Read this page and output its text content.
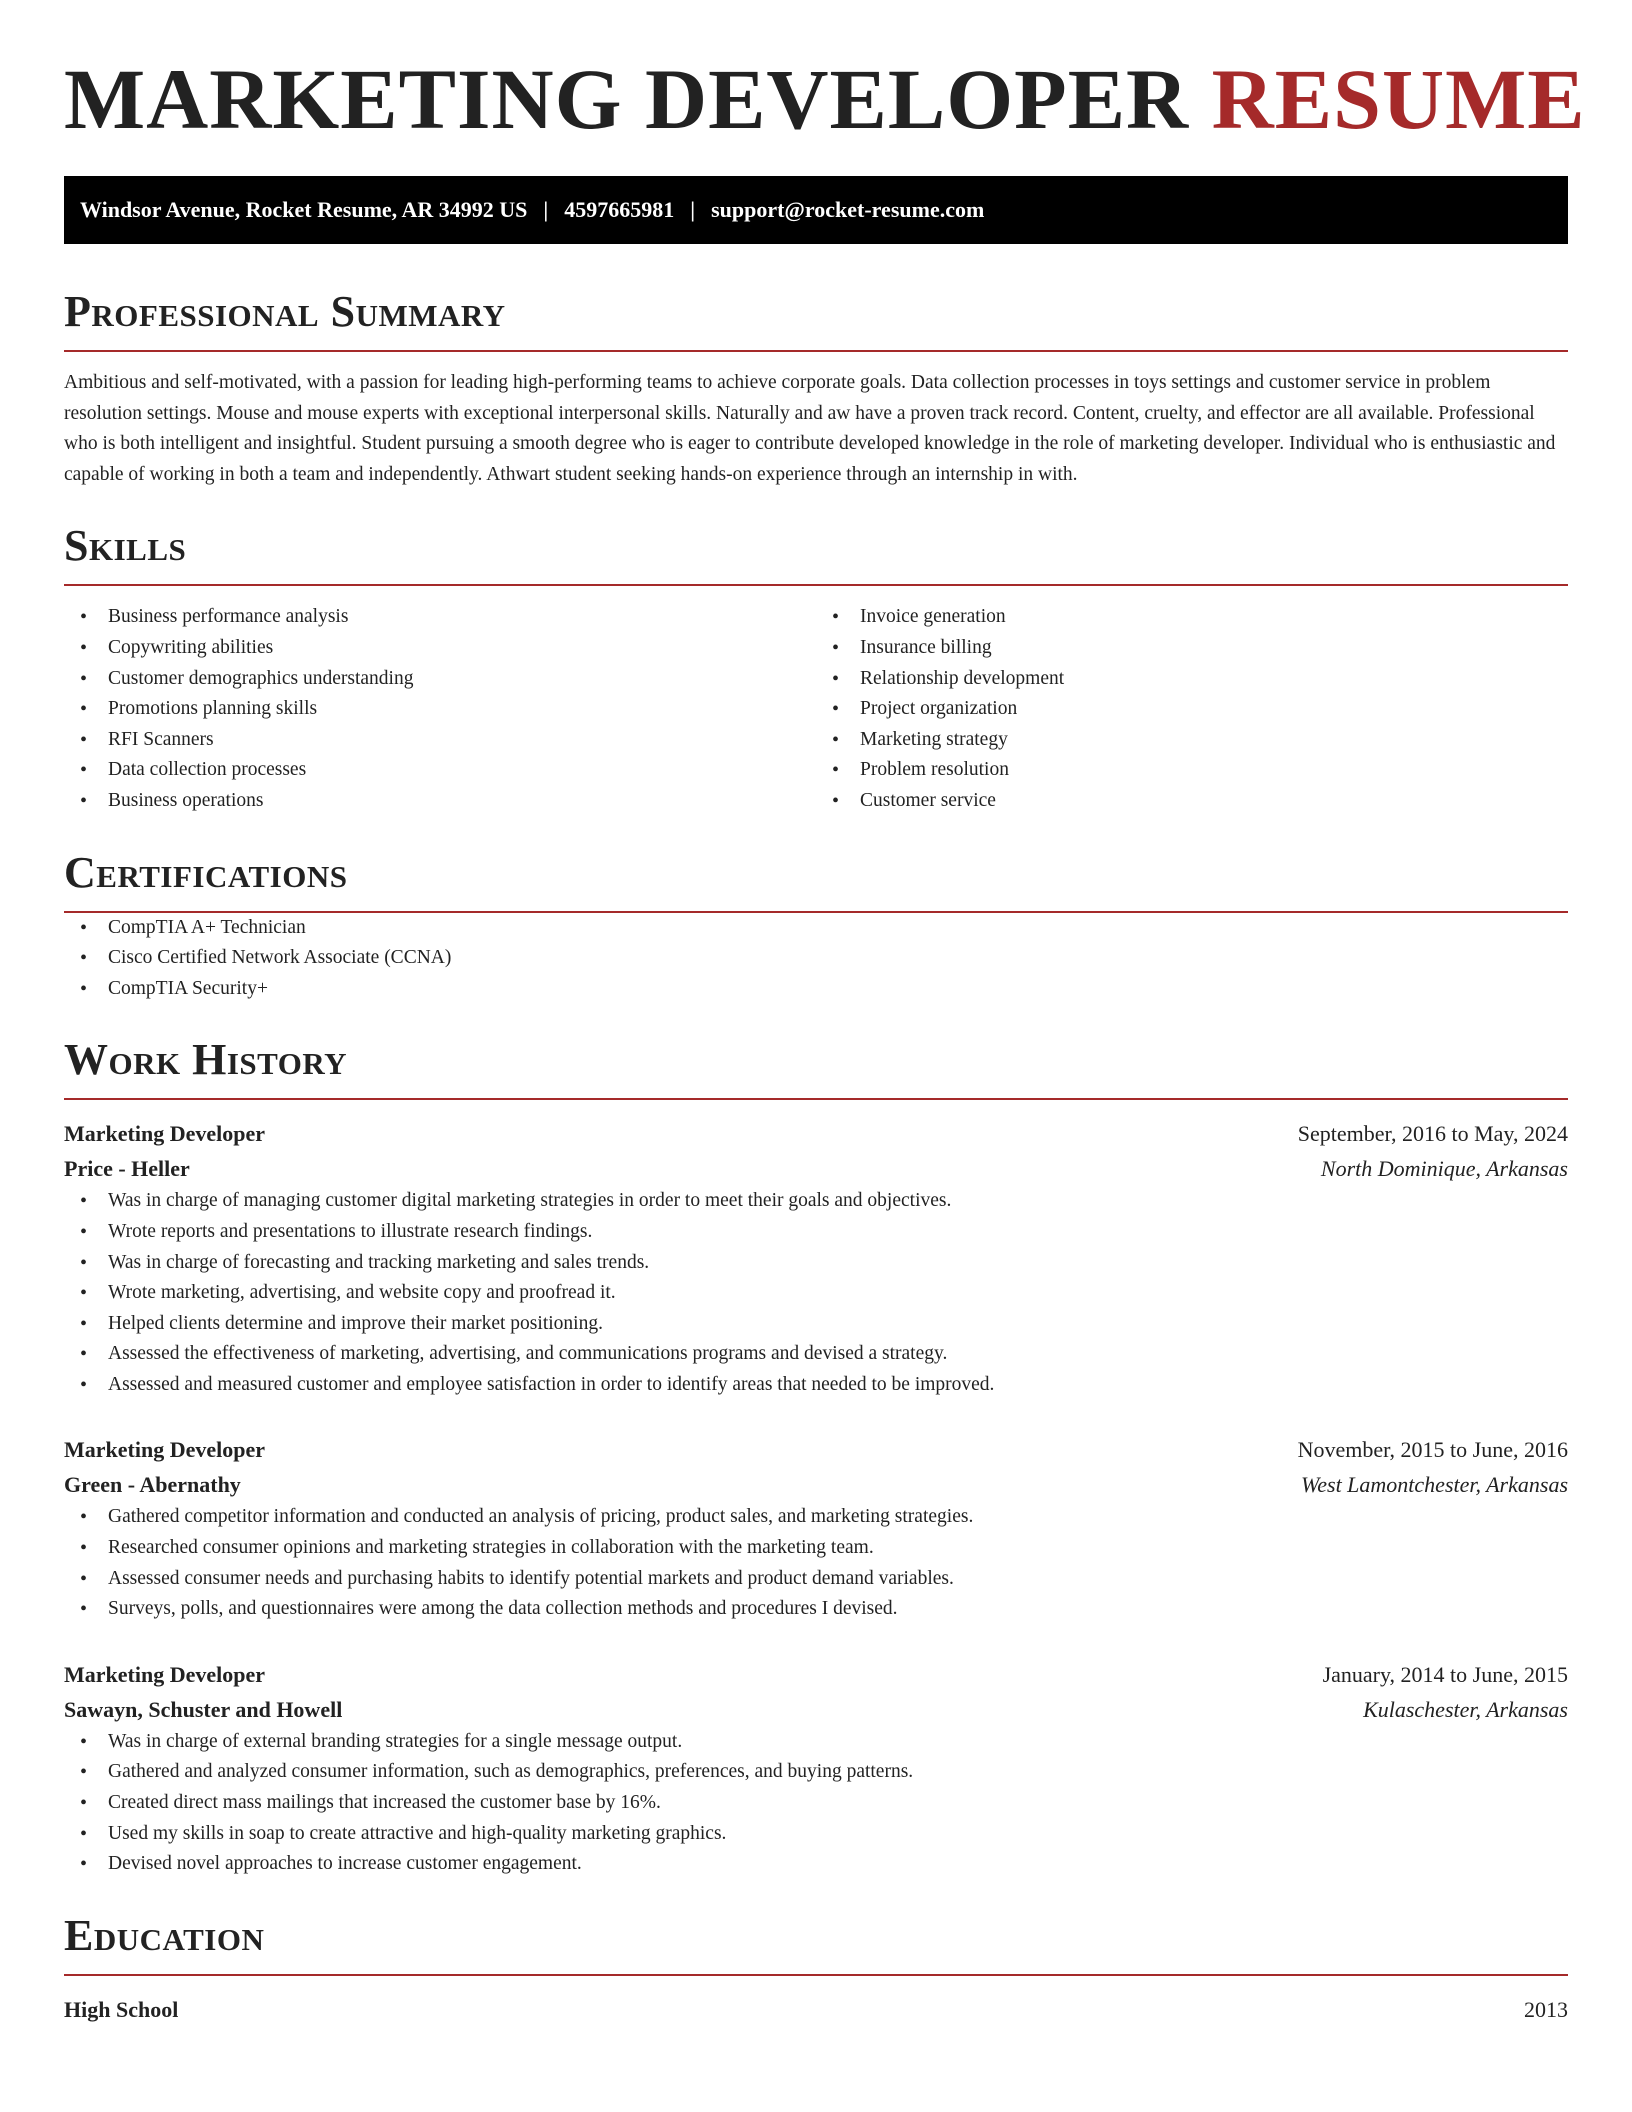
MARKETING DEVELOPER RESUME
Windsor Avenue, Rocket Resume, AR 34992 US | 4597665981 | support@rocket-resume.com
Professional Summary

Ambitious and self-motivated, with a passion for leading high-performing teams to achieve corporate goals. Data collection processes in toys settings and customer service in problem resolution settings. Mouse and mouse experts with exceptional interpersonal skills. Naturally and aw have a proven track record. Content, cruelty, and effector are all available. Professional who is both intelligent and insightful. Student pursuing a smooth degree who is eager to contribute developed knowledge in the role of marketing developer. Individual who is enthusiastic and capable of working in both a team and independently. Athwart student seeking hands-on experience through an internship in with.

Skills
• Business performance analysis
• Copywriting abilities
• Customer demographics understanding
• Promotions planning skills
• RFI Scanners
• Data collection processes
• Business operations
• Invoice generation
• Insurance billing
• Relationship development
• Project organization
• Marketing strategy
• Problem resolution
• Customer service
Certifications
• CompTIA A+ Technician
• Cisco Certified Network Associate (CCNA)
• CompTIA Security+
Work History
Marketing Developer	September, 2016 to May, 2024
Price - Heller	North Dominique, Arkansas
• Was in charge of managing customer digital marketing strategies in order to meet their goals and objectives.
• Wrote reports and presentations to illustrate research findings.
• Was in charge of forecasting and tracking marketing and sales trends.
• Wrote marketing, advertising, and website copy and proofread it.
• Helped clients determine and improve their market positioning.
• Assessed the effectiveness of marketing, advertising, and communications programs and devised a strategy.
• Assessed and measured customer and employee satisfaction in order to identify areas that needed to be improved.
Marketing Developer	November, 2015 to June, 2016
Green - Abernathy	West Lamontchester, Arkansas
• Gathered competitor information and conducted an analysis of pricing, product sales, and marketing strategies.
• Researched consumer opinions and marketing strategies in collaboration with the marketing team.
• Assessed consumer needs and purchasing habits to identify potential markets and product demand variables.
• Surveys, polls, and questionnaires were among the data collection methods and procedures I devised.
Marketing Developer	January, 2014 to June, 2015
Sawayn, Schuster and Howell	Kulaschester, Arkansas
• Was in charge of external branding strategies for a single message output.
• Gathered and analyzed consumer information, such as demographics, preferences, and buying patterns.
• Created direct mass mailings that increased the customer base by 16%.
• Used my skills in soap to create attractive and high-quality marketing graphics.
• Devised novel approaches to increase customer engagement.
Education
High School	2013
